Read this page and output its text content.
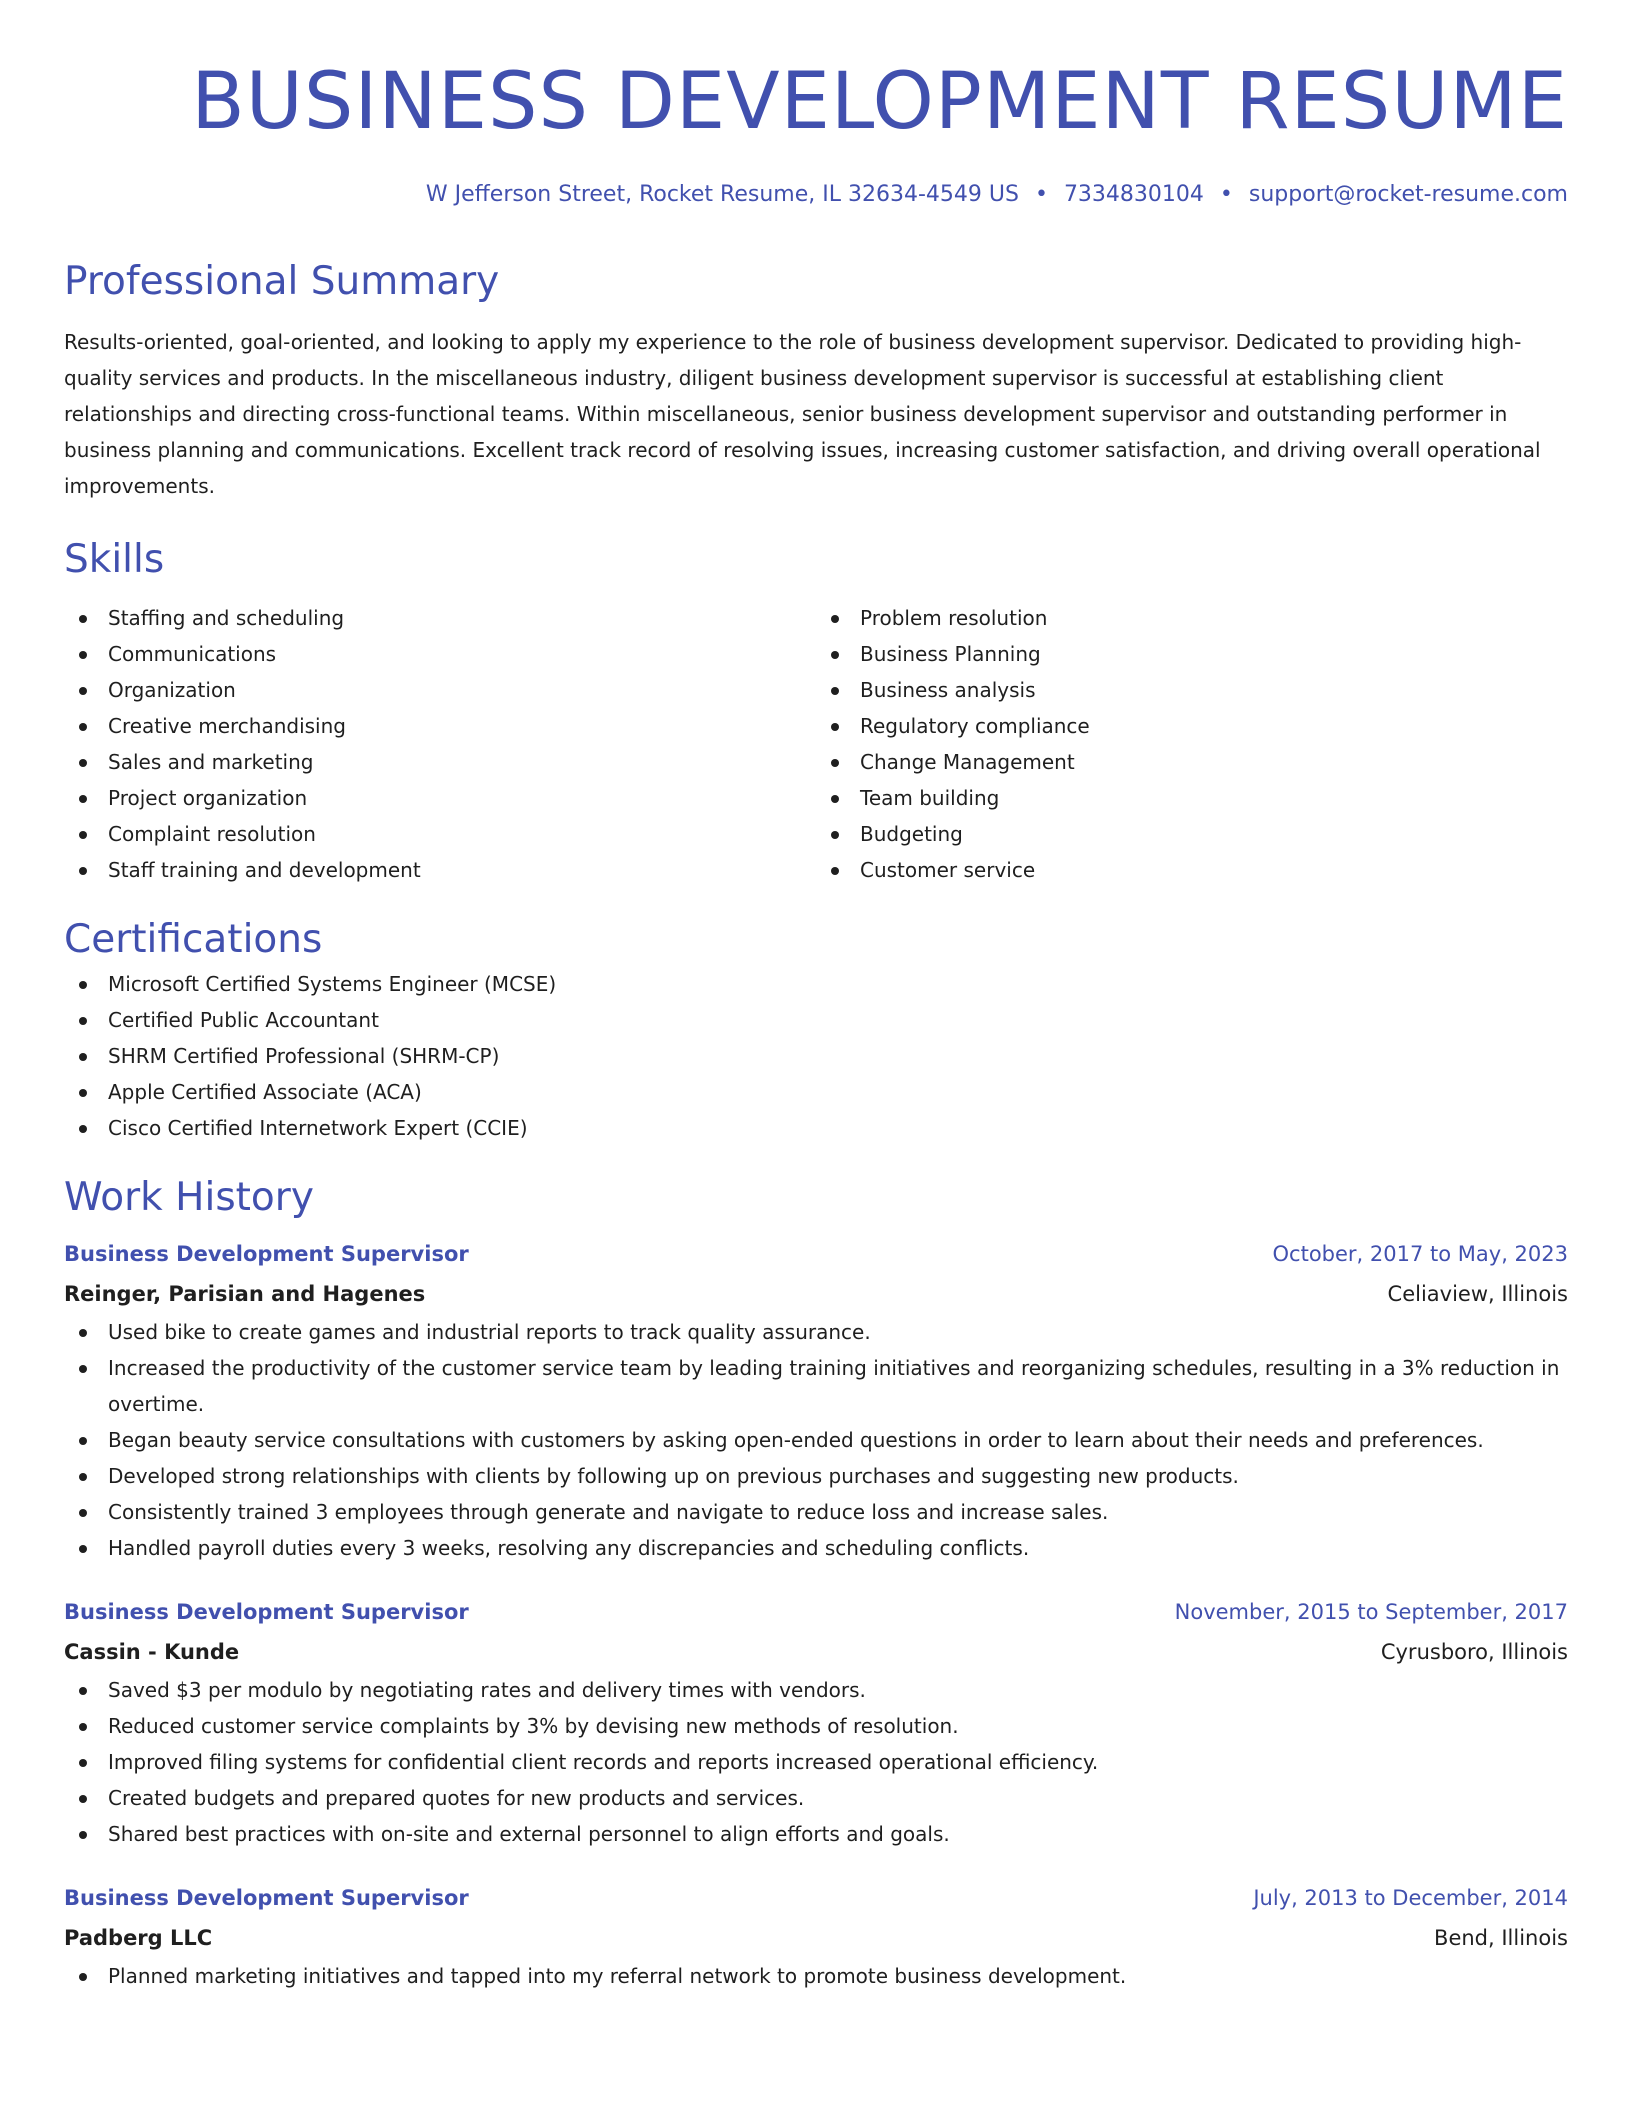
BUSINESS DEVELOPMENT RESUME
W Jefferson Street, Rocket Resume, IL 32634-4549 US • 7334830104 • support@rocket-resume.com
Professional Summary
Results-oriented, goal-oriented, and looking to apply my experience to the role of business development supervisor. Dedicated to providing high-quality services and products. In the miscellaneous industry, diligent business development supervisor is successful at establishing client relationships and directing cross-functional teams. Within miscellaneous, senior business development supervisor and outstanding performer in business planning and communications. Excellent track record of resolving issues, increasing customer satisfaction, and driving overall operational improvements.
Skills
Staffing and scheduling
Communications
Organization
Creative merchandising
Sales and marketing
Project organization
Complaint resolution
Staff training and development
Problem resolution
Business Planning
Business analysis
Regulatory compliance
Change Management
Team building
Budgeting
Customer service
Certifications
Microsoft Certified Systems Engineer (MCSE)
Certified Public Accountant
SHRM Certified Professional (SHRM-CP)
Apple Certified Associate (ACA)
Cisco Certified Internetwork Expert (CCIE)
Work History
Business Development Supervisor	October, 2017 to May, 2023
Reinger, Parisian and Hagenes	Celiaview, Illinois
Used bike to create games and industrial reports to track quality assurance.
Increased the productivity of the customer service team by leading training initiatives and reorganizing schedules, resulting in a 3% reduction in overtime.
Began beauty service consultations with customers by asking open-ended questions in order to learn about their needs and preferences.
Developed strong relationships with clients by following up on previous purchases and suggesting new products.
Consistently trained 3 employees through generate and navigate to reduce loss and increase sales.
Handled payroll duties every 3 weeks, resolving any discrepancies and scheduling conflicts.
Business Development Supervisor	November, 2015 to September, 2017
Cassin - Kunde	Cyrusboro, Illinois
Saved $3 per modulo by negotiating rates and delivery times with vendors.
Reduced customer service complaints by 3% by devising new methods of resolution.
Improved filing systems for confidential client records and reports increased operational efficiency.
Created budgets and prepared quotes for new products and services.
Shared best practices with on-site and external personnel to align efforts and goals.
Business Development Supervisor	July, 2013 to December, 2014
Padberg LLC	Bend, Illinois
Planned marketing initiatives and tapped into my referral network to promote business development.
